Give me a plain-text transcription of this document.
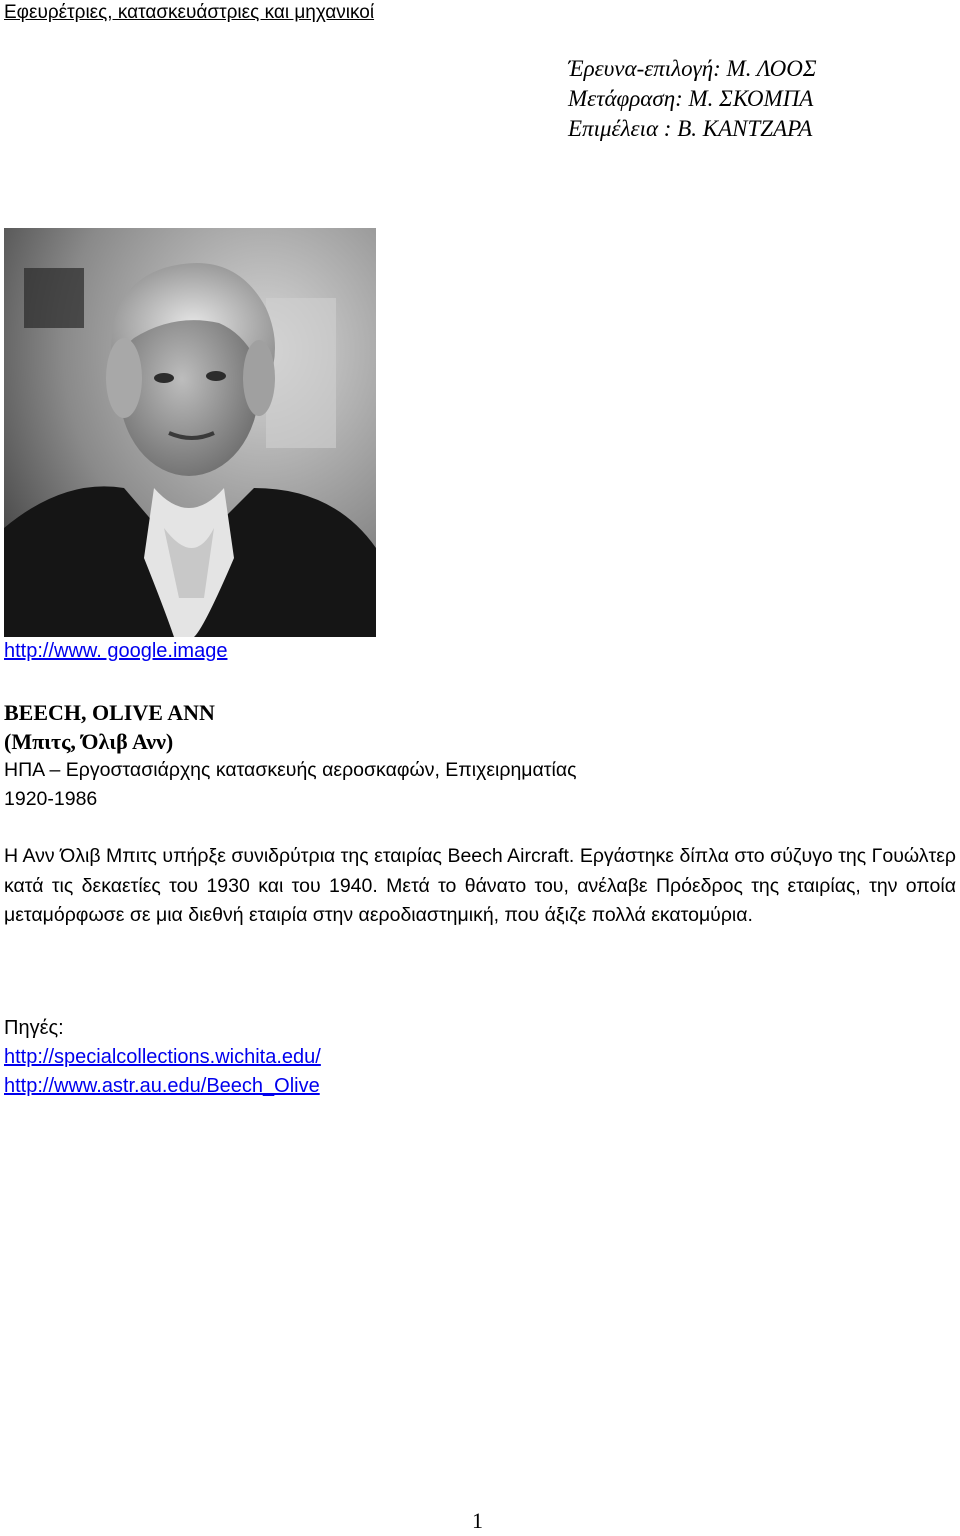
Εφευρέτριες, κατασκευάστριες και μηχανικοί
Έρευνα-επιλογή: Μ. ΛΟΟΣ
Μετάφραση: Μ. ΣΚΟΜΠΑ
Επιμέλεια : Β. ΚΑΝΤΖΑΡΑ
http://www. google.image
BEECH, OLIVE ANN
(Μπιτς, Όλιβ Ανν)
ΗΠΑ – Εργοστασιάρχης κατασκευής αεροσκαφών, Επιχειρηματίας
1920-1986
Η Ανν Όλιβ Μπιτς υπήρξε συνιδρύτρια της εταιρίας Beech Aircraft. Εργάστηκε δίπλα στο σύζυγο της Γουώλτερ κατά τις δεκαετίες του 1930 και του 1940. Μετά το θάνατο του, ανέλαβε Πρόεδρος της εταιρίας, την οποία μεταμόρφωσε σε μια διεθνή εταιρία στην αεροδιαστημική, που άξιζε πολλά εκατομύρια.
Πηγές:
http://specialcollections.wichita.edu/
http://www.astr.au.edu/Beech_Olive
1
